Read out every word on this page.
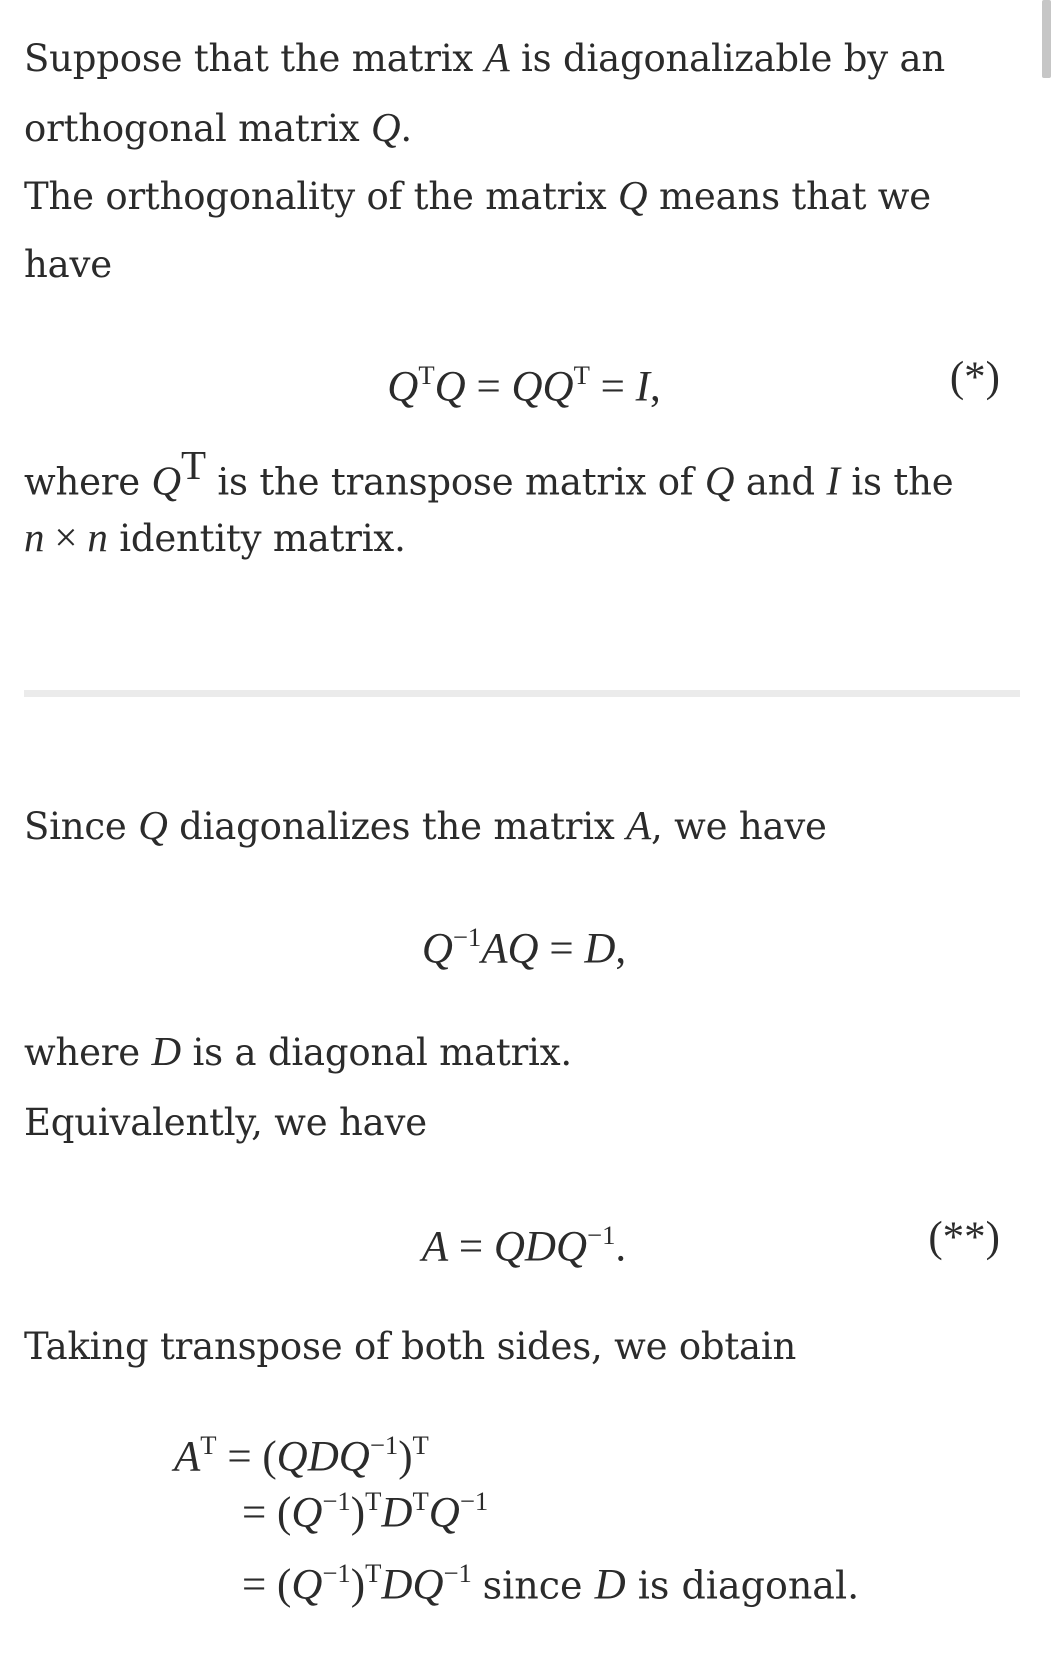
Suppose that the matrix A is diagonalizable by an
orthogonal matrix Q.
The orthogonality of the matrix Q means that we
have
$Q^TQ = QQ^T = I$,	(*)
where $Q^T$ is the transpose matrix of Q and I is the
n × n identity matrix.
Since Q diagonalizes the matrix A, we have
$Q^{-1}AQ = D$,
where D is a diagonal matrix.
Equivalently, we have
$A = QDQ^{-1}$.	(**)
Taking transpose of both sides, we obtain
$A^T = (QDQ^{-1})^T$
= $(Q^{-1})^TD^TQ^{-1}$
= $(Q^{-1})^TDQ^{-1}$ since D is diagonal.
